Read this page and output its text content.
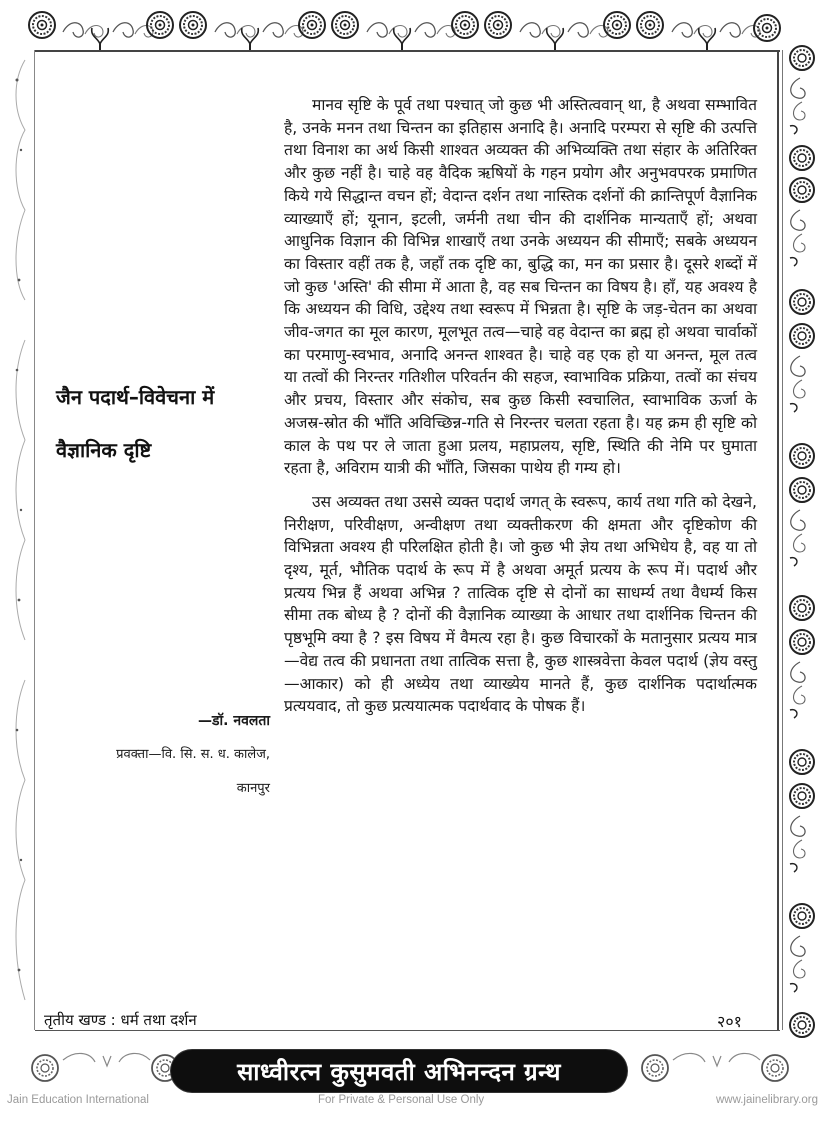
जैन पदार्थ–विवेचना में
वैज्ञानिक दृष्टि
—डॉ. नवलता
प्रवक्ता—वि. सि. स. ध. कालेज,
कानपुर

मानव सृष्टि के पूर्व तथा पश्चात् जो कुछ भी अस्तित्ववान् था, है अथवा सम्भावित है, उनके मनन तथा चिन्तन का इतिहास अनादि है। अनादि परम्परा से सृष्टि की उत्पत्ति तथा विनाश का अर्थ किसी शाश्वत अव्यक्त की अभिव्यक्ति तथा संहार के अतिरिक्त और कुछ नहीं है। चाहे वह वैदिक ऋषियों के गहन प्रयोग और अनुभवपरक प्रमाणित किये गये सिद्धान्त वचन हों; वेदान्त दर्शन तथा नास्तिक दर्शनों की क्रान्तिपूर्ण वैज्ञानिक व्याख्याएँ हों; यूनान, इटली, जर्मनी तथा चीन की दार्शनिक मान्यताएँ हों; अथवा आधुनिक विज्ञान की विभिन्न शाखाएँ तथा उनके अध्ययन की सीमाएँ; सबके अध्ययन का विस्तार वहीं तक है, जहाँ तक दृष्टि का, बुद्धि का, मन का प्रसार है। दूसरे शब्दों में जो कुछ 'अस्ति' की सीमा में आता है, वह सब चिन्तन का विषय है। हाँ, यह अवश्य है कि अध्ययन की विधि, उद्देश्य तथा स्वरूप में भिन्नता है। सृष्टि के जड़-चेतन का अथवा जीव-जगत का मूल कारण, मूलभूत तत्व—चाहे वह वेदान्त का ब्रह्म हो अथवा चार्वाकों का परमाणु-स्वभाव, अनादि अनन्त शाश्वत है। चाहे वह एक हो या अनन्त, मूल तत्व या तत्वों की निरन्तर गतिशील परिवर्तन की सहज, स्वाभाविक प्रक्रिया, तत्वों का संचय और प्रचय, विस्तार और संकोच, सब कुछ किसी स्वचालित, स्वाभाविक ऊर्जा के अजस्र-स्रोत की भाँति अविच्छिन्न-गति से निरन्तर चलता रहता है। यह क्रम ही सृष्टि को काल के पथ पर ले जाता हुआ प्रलय, महाप्रलय, सृष्टि, स्थिति की नेमि पर घुमाता रहता है, अविराम यात्री की भाँति, जिसका पाथेय ही गम्य हो।

उस अव्यक्त तथा उससे व्यक्त पदार्थ जगत् के स्वरूप, कार्य तथा गति को देखने, निरीक्षण, परिवीक्षण, अन्वीक्षण तथा व्यक्तीकरण की क्षमता और दृष्टिकोण की विभिन्नता अवश्य ही परिलक्षित होती है। जो कुछ भी ज्ञेय तथा अभिधेय है, वह या तो दृश्य, मूर्त, भौतिक पदार्थ के रूप में है अथवा अमूर्त प्रत्यय के रूप में। पदार्थ और प्रत्यय भिन्न हैं अथवा अभिन्न ? तात्विक दृष्टि से दोनों का साधर्म्य तथा वैधर्म्य किस सीमा तक बोध्य है ? दोनों की वैज्ञानिक व्याख्या के आधार तथा दार्शनिक चिन्तन की पृष्ठभूमि क्या है ? इस विषय में वैमत्य रहा है। कुछ विचारकों के मतानुसार प्रत्यय मात्र—वेद्य तत्व की प्रधानता तथा तात्विक सत्ता है, कुछ शास्त्रवेत्ता केवल पदार्थ (ज्ञेय वस्तु—आकार) को ही अध्येय तथा व्याख्येय मानते हैं, कुछ दार्शनिक पदार्थात्मक प्रत्ययवाद, तो कुछ प्रत्ययात्मक पदार्थवाद के पोषक हैं।

तृतीय खण्ड : धर्म तथा दर्शन	२०१
साध्वीरत्न कुसुमवती अभिनन्दन ग्रन्थ
Jain Education International	For Private & Personal Use Only	www.jainelibrary.org
